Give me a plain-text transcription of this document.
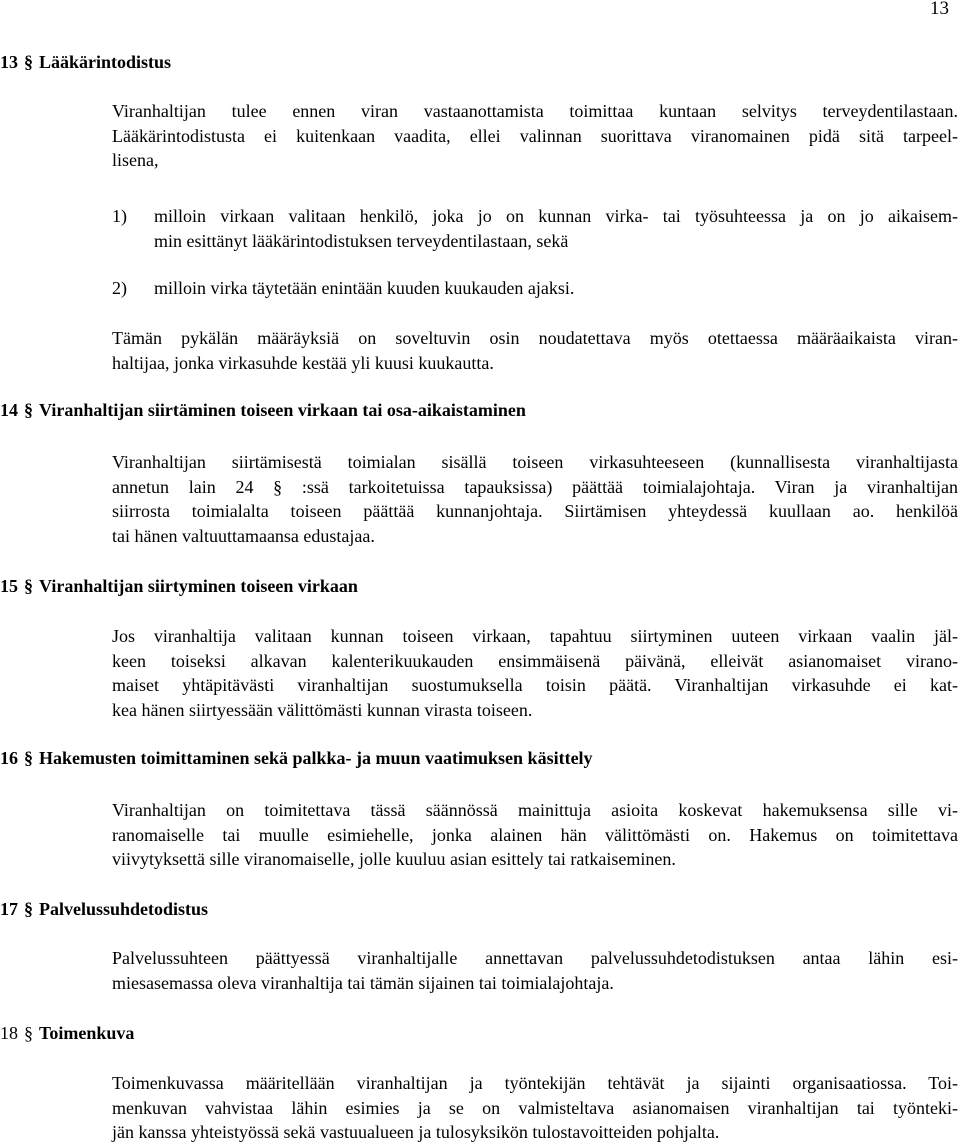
13
13 § Lääkärintodistus
Viranhaltijan tulee ennen viran vastaanottamista toimittaa kuntaan selvitys terveydentilastaan.
Lääkärintodistusta ei kuitenkaan vaadita, ellei valinnan suorittava viranomainen pidä sitä tarpeel-
lisena,
1) milloin virkaan valitaan henkilö, joka jo on kunnan virka- tai työsuhteessa ja on jo aikaisem-
min esittänyt lääkärintodistuksen terveydentilastaan, sekä
2) milloin virka täytetään enintään kuuden kuukauden ajaksi.
Tämän pykälän määräyksiä on soveltuvin osin noudatettava myös otettaessa määräaikaista viran-
haltijaa, jonka virkasuhde kestää yli kuusi kuukautta.
14 § Viranhaltijan siirtäminen toiseen virkaan tai osa-aikaistaminen
Viranhaltijan siirtämisestä toimialan sisällä toiseen virkasuhteeseen (kunnallisesta viranhaltijasta
annetun lain 24 § :ssä tarkoitetuissa tapauksissa) päättää toimialajohtaja. Viran ja viranhaltijan
siirrosta toimialalta toiseen päättää kunnanjohtaja. Siirtämisen yhteydessä kuullaan ao. henkilöä
tai hänen valtuuttamaansa edustajaa.
15 § Viranhaltijan siirtyminen toiseen virkaan
Jos viranhaltija valitaan kunnan toiseen virkaan, tapahtuu siirtyminen uuteen virkaan vaalin jäl-
keen toiseksi alkavan kalenterikuukauden ensimmäisenä päivänä, elleivät asianomaiset virano-
maiset yhtäpitävästi viranhaltijan suostumuksella toisin päätä. Viranhaltijan virkasuhde ei kat-
kea hänen siirtyessään välittömästi kunnan virasta toiseen.
16 § Hakemusten toimittaminen sekä palkka- ja muun vaatimuksen käsittely
Viranhaltijan on toimitettava tässä säännössä mainittuja asioita koskevat hakemuksensa sille vi-
ranomaiselle tai muulle esimiehelle, jonka alainen hän välittömästi on. Hakemus on toimitettava
viivytyksettä sille viranomaiselle, jolle kuuluu asian esittely tai ratkaiseminen.
17 § Palvelussuhdetodistus
Palvelussuhteen päättyessä viranhaltijalle annettavan palvelussuhdetodistuksen antaa lähin esi-
miesasemassa oleva viranhaltija tai tämän sijainen tai toimialajohtaja.
18 § Toimenkuva
Toimenkuvassa määritellään viranhaltijan ja työntekijän tehtävät ja sijainti organisaatiossa. Toi-
menkuvan vahvistaa lähin esimies ja se on valmisteltava asianomaisen viranhaltijan tai työnteki-
jän kanssa yhteistyössä sekä vastuualueen ja tulosyksikön tulostavoitteiden pohjalta.
